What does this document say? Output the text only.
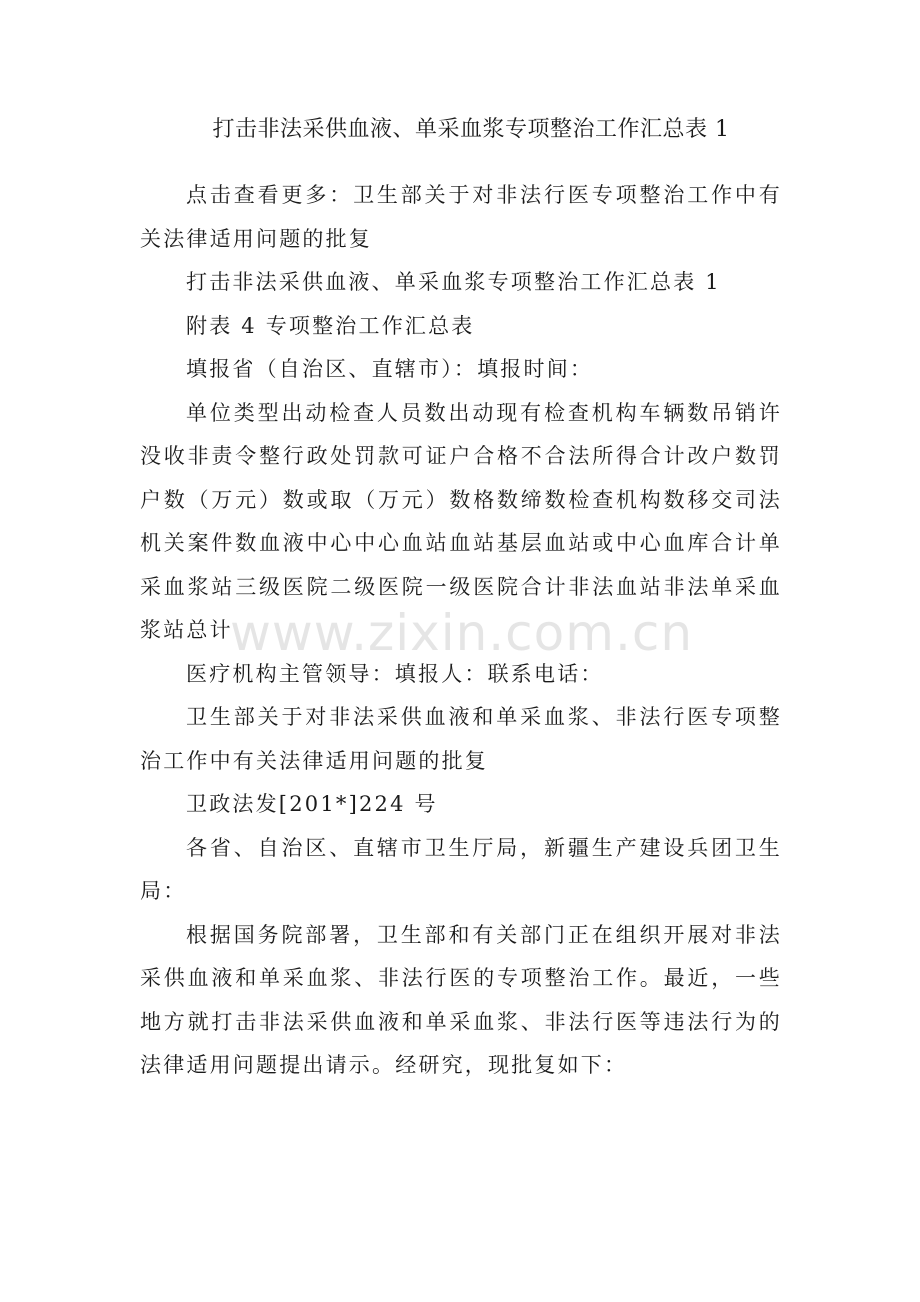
打击非法采供血液、单采血浆专项整治工作汇总表 1

点击查看更多：卫生部关于对非法行医专项整治工作中有关法律适用问题的批复

打击非法采供血液、单采血浆专项整治工作汇总表 1

附表 4 专项整治工作汇总表

填报省（自治区、直辖市）：填报时间：

单位类型出动检查人员数出动现有检查机构车辆数吊销许没收非责令整行政处罚款可证户合格不合法所得合计改户数罚户数（万元）数或取（万元）数格数缔数检查机构数移交司法机关案件数血液中心中心血站血站基层血站或中心血库合计单采血浆站三级医院二级医院一级医院合计非法血站非法单采血浆站总计

医疗机构主管领导：填报人：联系电话：

卫生部关于对非法采供血液和单采血浆、非法行医专项整治工作中有关法律适用问题的批复

卫政法发[201*]224 号

各省、自治区、直辖市卫生厅局，新疆生产建设兵团卫生局：

根据国务院部署，卫生部和有关部门正在组织开展对非法采供血液和单采血浆、非法行医的专项整治工作。最近，一些地方就打击非法采供血液和单采血浆、非法行医等违法行为的法律适用问题提出请示。经研究，现批复如下：

www.zixin.com.cn
